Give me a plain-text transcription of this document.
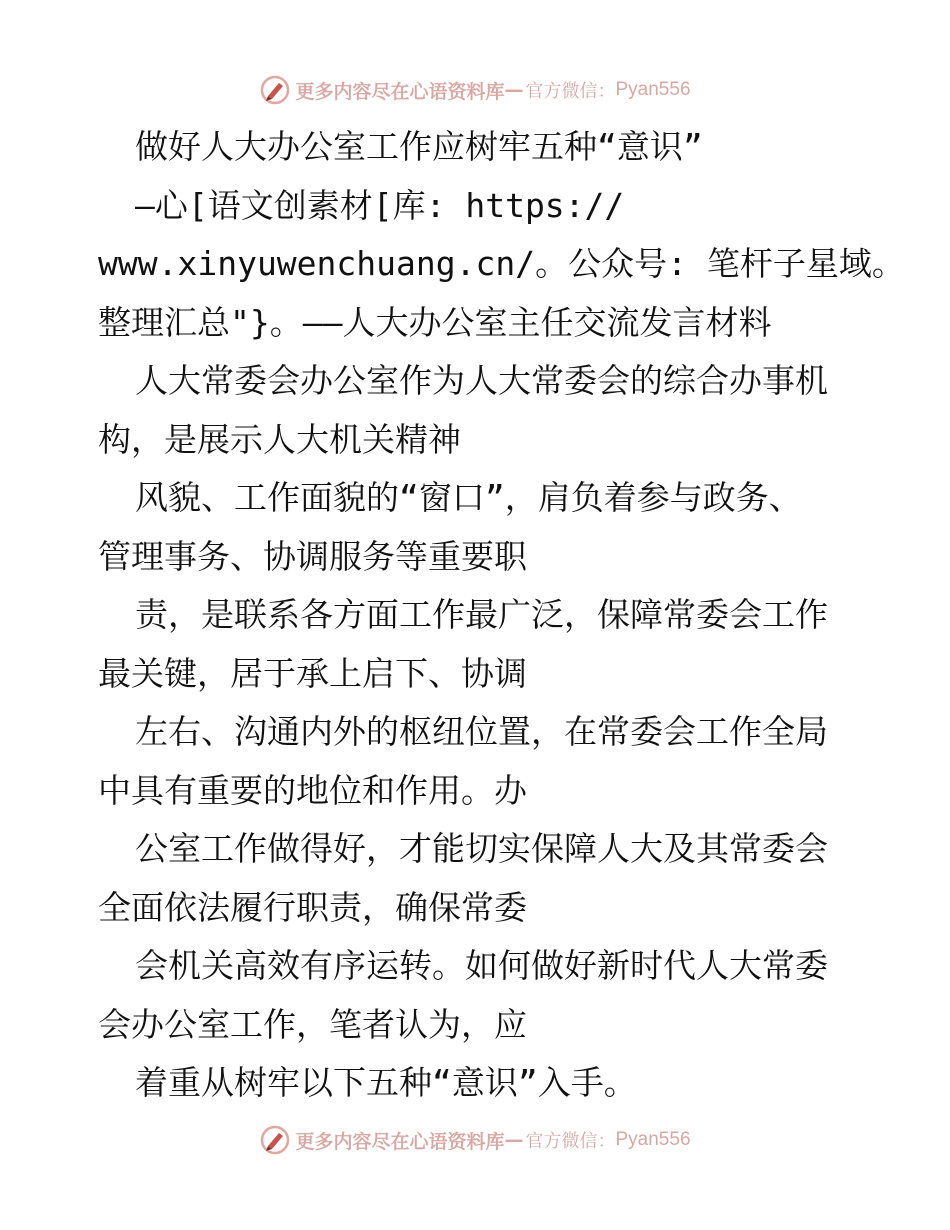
更多内容尽在心语资料库 — 官方微信： Pyan556
做好人大办公室工作应树牢五种“意识”
—心[语文创素材[库: https://
www.xinyuwenchuang.cn/。公众号: 笔杆子星域。
整理汇总"}。——人大办公室主任交流发言材料
人大常委会办公室作为人大常委会的综合办事机
构，是展示人大机关精神
风貌、工作面貌的“窗口”，肩负着参与政务、
管理事务、协调服务等重要职
责，是联系各方面工作最广泛，保障常委会工作
最关键，居于承上启下、协调
左右、沟通内外的枢纽位置，在常委会工作全局
中具有重要的地位和作用。办
公室工作做得好，才能切实保障人大及其常委会
全面依法履行职责，确保常委
会机关高效有序运转。如何做好新时代人大常委
会办公室工作，笔者认为，应
着重从树牢以下五种“意识”入手。
更多内容尽在心语资料库 — 官方微信： Pyan556
